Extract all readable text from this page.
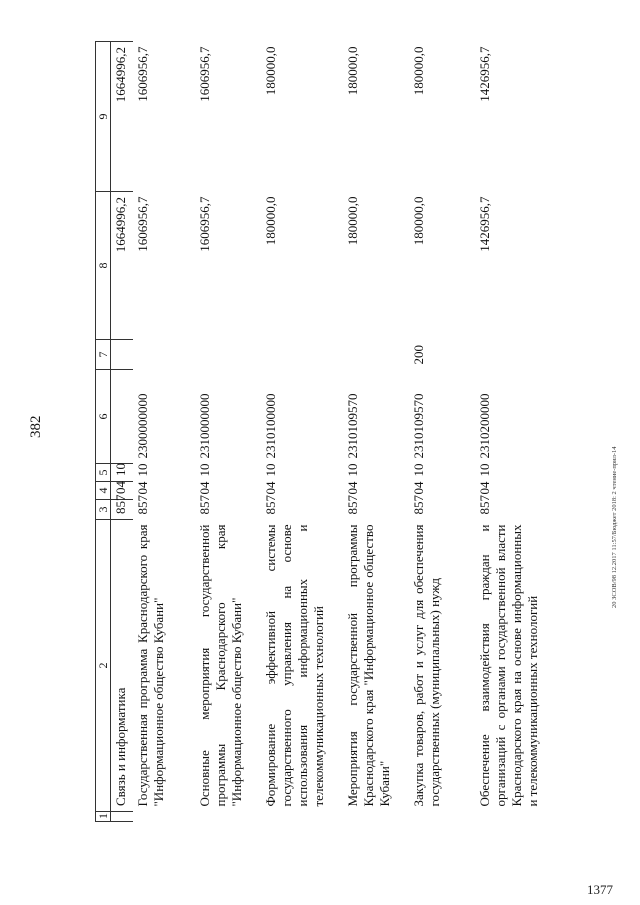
382
20 ЗСОВ/98 12.2017 11:57/Бюджет 2018: 2 чтение-прил-14
1377
1	2	3	4	5	6	7	8	9
	Связь и информатика	857	04	10			1664996,2	1664996,2
	Государственная программа Краснодарского края "Информационное общество Кубани"	857	04	10	2300000000		1606956,7	1606956,7
	Основные мероприятия государственной программы Краснодарского края "Информационное общество Кубани"	857	04	10	2310000000		1606956,7	1606956,7
	Формирование эффективной системы государственного управления на основе использования информационных и телекоммуникационных технологий	857	04	10	2310100000		180000,0	180000,0
	Мероприятия государственной программы Краснодарского края "Информационное общество Кубани"	857	04	10	2310109570		180000,0	180000,0
	Закупка товаров, работ и услуг для обеспечения государственных (муниципальных) нужд	857	04	10	2310109570	200	180000,0	180000,0
	Обеспечение взаимодействия граждан и организаций с органами государственной власти Краснодарского края на основе информационных и телекоммуникационных технологий	857	04	10	2310200000		1426956,7	1426956,7
